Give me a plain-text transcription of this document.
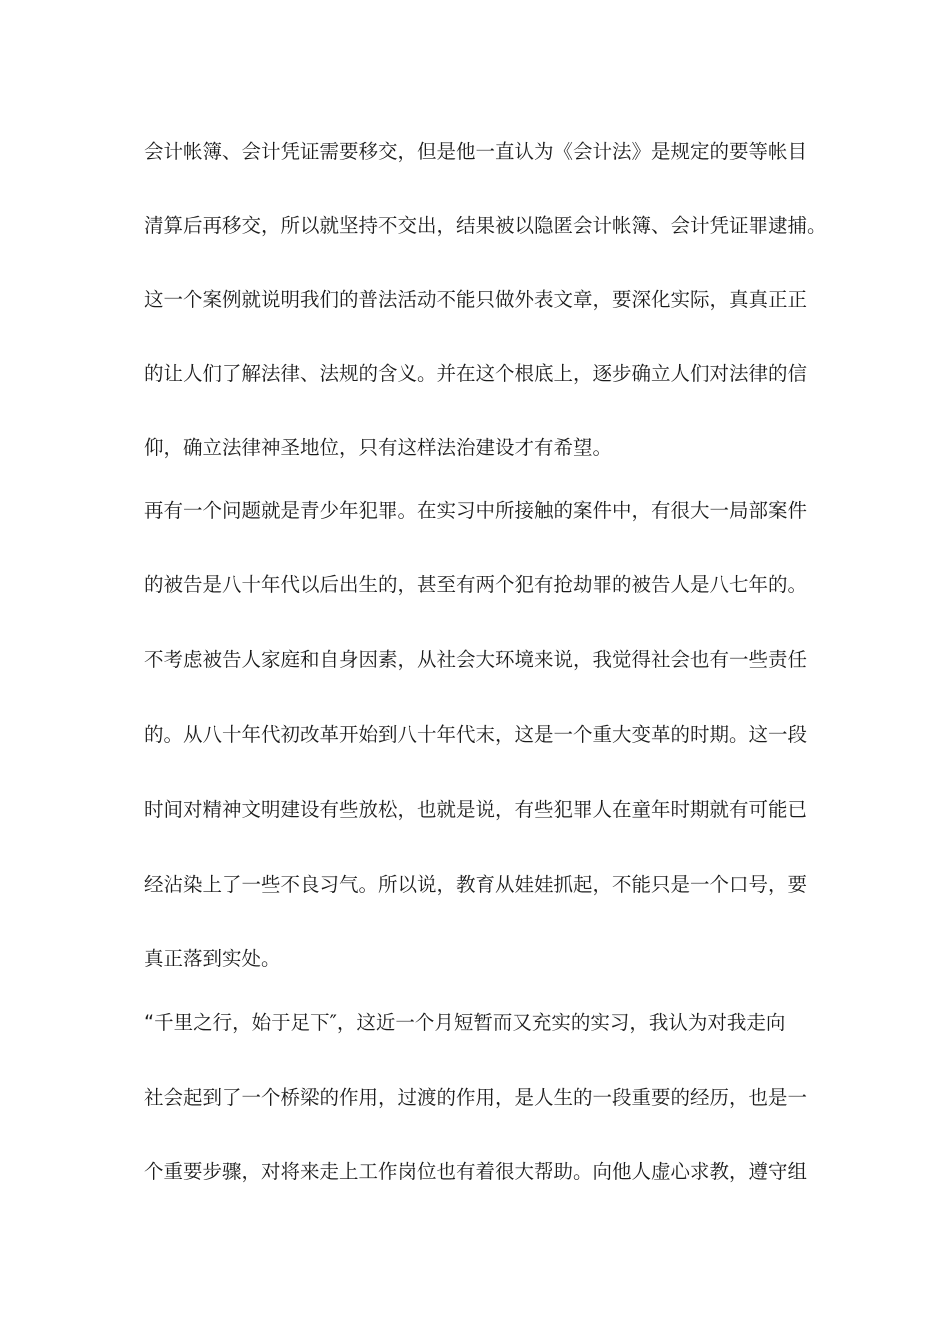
会计帐簿、会计凭证需要移交，但是他一直认为《会计法》是规定的要等帐目
清算后再移交，所以就坚持不交出，结果被以隐匿会计帐簿、会计凭证罪逮捕。
这一个案例就说明我们的普法活动不能只做外表文章，要深化实际，真真正正
的让人们了解法律、法规的含义。并在这个根底上，逐步确立人们对法律的信
仰，确立法律神圣地位，只有这样法治建设才有希望。
再有一个问题就是青少年犯罪。在实习中所接触的案件中，有很大一局部案件
的被告是八十年代以后出生的，甚至有两个犯有抢劫罪的被告人是八七年的。
不考虑被告人家庭和自身因素，从社会大环境来说，我觉得社会也有一些责任
的。从八十年代初改革开始到八十年代末，这是一个重大变革的时期。这一段
时间对精神文明建设有些放松，也就是说，有些犯罪人在童年时期就有可能已
经沾染上了一些不良习气。所以说，教育从娃娃抓起，不能只是一个口号，要
真正落到实处。
“千里之行，始于足下″，这近一个月短暂而又充实的实习，我认为对我走向
社会起到了一个桥梁的作用，过渡的作用，是人生的一段重要的经历，也是一
个重要步骤，对将来走上工作岗位也有着很大帮助。向他人虚心求教，遵守组
